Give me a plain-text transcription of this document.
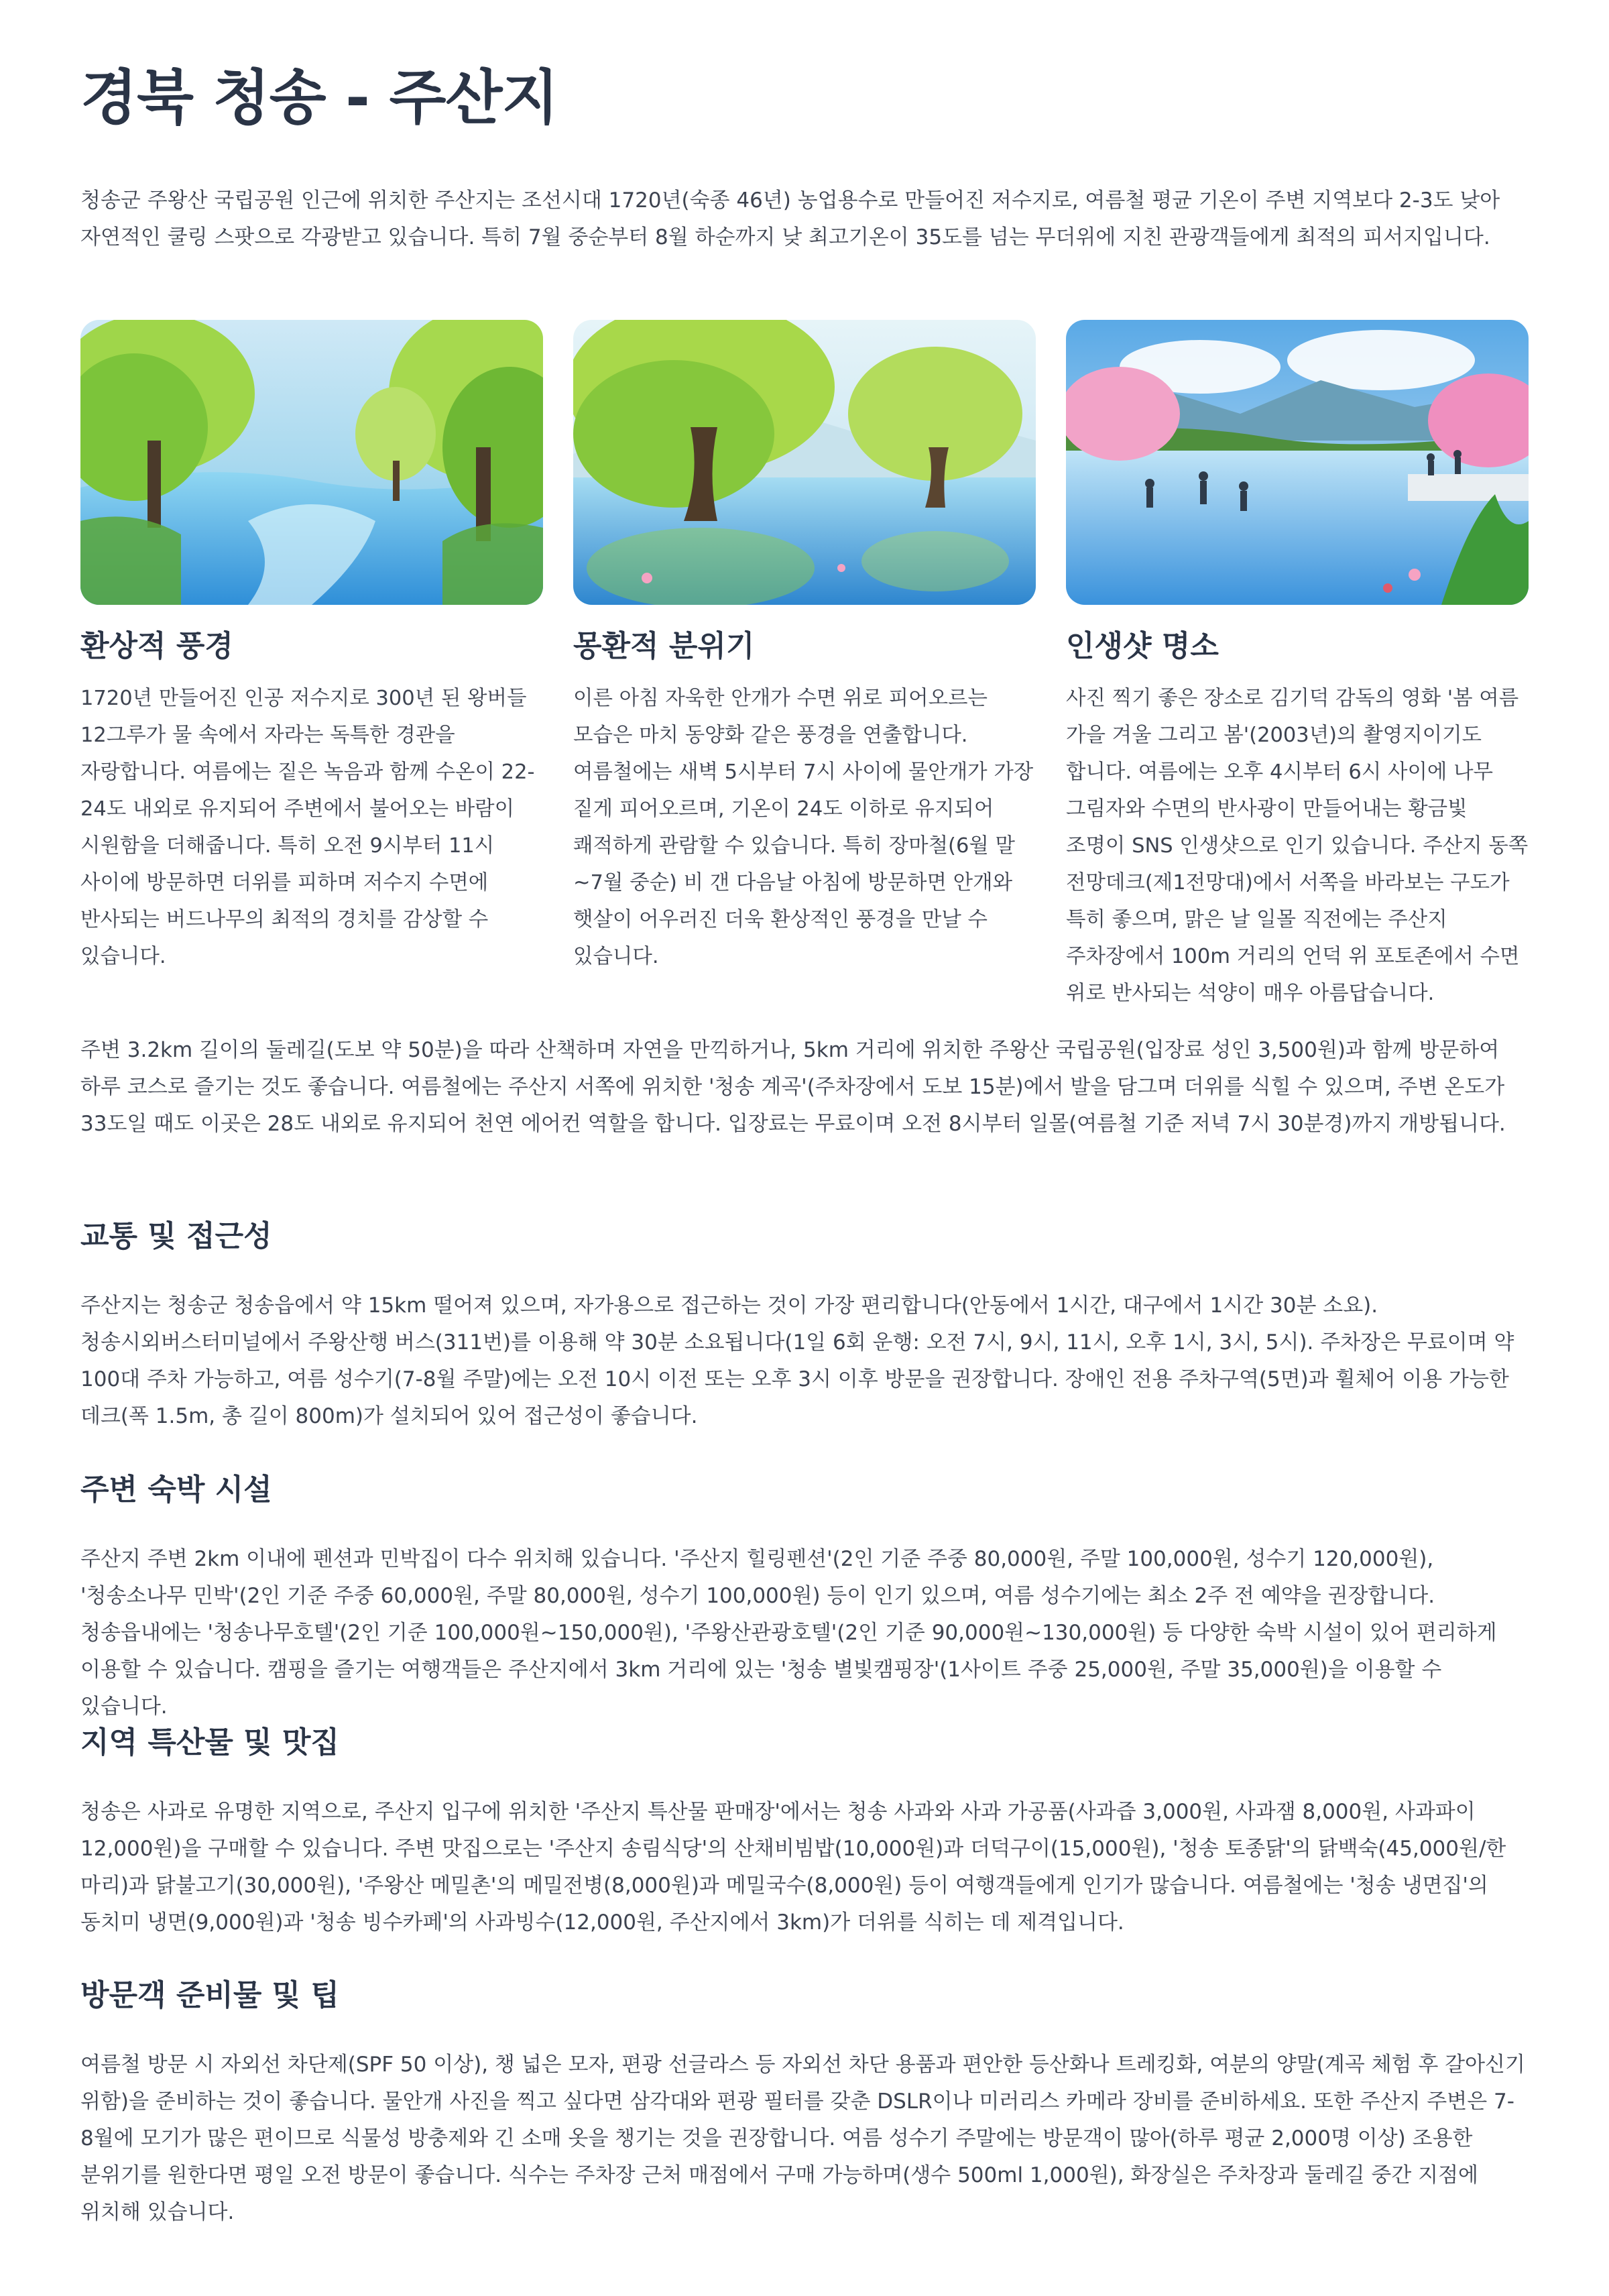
경북 청송 - 주산지

청송군 주왕산 국립공원 인근에 위치한 주산지는 조선시대 1720년(숙종 46년) 농업용수로 만들어진 저수지로, 여름철 평균 기온이 주변 지역보다 2-3도 낮아 자연적인 쿨링 스팟으로 각광받고 있습니다. 특히 7월 중순부터 8월 하순까지 낮 최고기온이 35도를 넘는 무더위에 지친 관광객들에게 최적의 피서지입니다.

환상적 풍경

1720년 만들어진 인공 저수지로 300년 된 왕버들 12그루가 물 속에서 자라는 독특한 경관을 자랑합니다. 여름에는 짙은 녹음과 함께 수온이 22-24도 내외로 유지되어 주변에서 불어오는 바람이 시원함을 더해줍니다. 특히 오전 9시부터 11시 사이에 방문하면 더위를 피하며 저수지 수면에 반사되는 버드나무의 최적의 경치를 감상할 수 있습니다.

몽환적 분위기

이른 아침 자욱한 안개가 수면 위로 피어오르는 모습은 마치 동양화 같은 풍경을 연출합니다. 여름철에는 새벽 5시부터 7시 사이에 물안개가 가장 짙게 피어오르며, 기온이 24도 이하로 유지되어 쾌적하게 관람할 수 있습니다. 특히 장마철(6월 말~7월 중순) 비 갠 다음날 아침에 방문하면 안개와 햇살이 어우러진 더욱 환상적인 풍경을 만날 수 있습니다.

인생샷 명소

사진 찍기 좋은 장소로 김기덕 감독의 영화 '봄 여름 가을 겨울 그리고 봄'(2003년)의 촬영지이기도 합니다. 여름에는 오후 4시부터 6시 사이에 나무 그림자와 수면의 반사광이 만들어내는 황금빛 조명이 SNS 인생샷으로 인기 있습니다. 주산지 동쪽 전망데크(제1전망대)에서 서쪽을 바라보는 구도가 특히 좋으며, 맑은 날 일몰 직전에는 주산지 주차장에서 100m 거리의 언덕 위 포토존에서 수면 위로 반사되는 석양이 매우 아름답습니다.

주변 3.2km 길이의 둘레길(도보 약 50분)을 따라 산책하며 자연을 만끽하거나, 5km 거리에 위치한 주왕산 국립공원(입장료 성인 3,500원)과 함께 방문하여 하루 코스로 즐기는 것도 좋습니다. 여름철에는 주산지 서쪽에 위치한 '청송 계곡'(주차장에서 도보 15분)에서 발을 담그며 더위를 식힐 수 있으며, 주변 온도가 33도일 때도 이곳은 28도 내외로 유지되어 천연 에어컨 역할을 합니다. 입장료는 무료이며 오전 8시부터 일몰(여름철 기준 저녁 7시 30분경)까지 개방됩니다.

교통 및 접근성

주산지는 청송군 청송읍에서 약 15km 떨어져 있으며, 자가용으로 접근하는 것이 가장 편리합니다(안동에서 1시간, 대구에서 1시간 30분 소요). 청송시외버스터미널에서 주왕산행 버스(311번)를 이용해 약 30분 소요됩니다(1일 6회 운행: 오전 7시, 9시, 11시, 오후 1시, 3시, 5시). 주차장은 무료이며 약 100대 주차 가능하고, 여름 성수기(7-8월 주말)에는 오전 10시 이전 또는 오후 3시 이후 방문을 권장합니다. 장애인 전용 주차구역(5면)과 휠체어 이용 가능한 데크(폭 1.5m, 총 길이 800m)가 설치되어 있어 접근성이 좋습니다.

주변 숙박 시설

주산지 주변 2km 이내에 펜션과 민박집이 다수 위치해 있습니다. '주산지 힐링펜션'(2인 기준 주중 80,000원, 주말 100,000원, 성수기 120,000원), '청송소나무 민박'(2인 기준 주중 60,000원, 주말 80,000원, 성수기 100,000원) 등이 인기 있으며, 여름 성수기에는 최소 2주 전 예약을 권장합니다. 청송읍내에는 '청송나무호텔'(2인 기준 100,000원~150,000원), '주왕산관광호텔'(2인 기준 90,000원~130,000원) 등 다양한 숙박 시설이 있어 편리하게 이용할 수 있습니다. 캠핑을 즐기는 여행객들은 주산지에서 3km 거리에 있는 '청송 별빛캠핑장'(1사이트 주중 25,000원, 주말 35,000원)을 이용할 수 있습니다.

지역 특산물 및 맛집

청송은 사과로 유명한 지역으로, 주산지 입구에 위치한 '주산지 특산물 판매장'에서는 청송 사과와 사과 가공품(사과즙 3,000원, 사과잼 8,000원, 사과파이 12,000원)을 구매할 수 있습니다. 주변 맛집으로는 '주산지 송림식당'의 산채비빔밥(10,000원)과 더덕구이(15,000원), '청송 토종닭'의 닭백숙(45,000원/한 마리)과 닭불고기(30,000원), '주왕산 메밀촌'의 메밀전병(8,000원)과 메밀국수(8,000원) 등이 여행객들에게 인기가 많습니다. 여름철에는 '청송 냉면집'의 동치미 냉면(9,000원)과 '청송 빙수카페'의 사과빙수(12,000원, 주산지에서 3km)가 더위를 식히는 데 제격입니다.

방문객 준비물 및 팁

여름철 방문 시 자외선 차단제(SPF 50 이상), 챙 넓은 모자, 편광 선글라스 등 자외선 차단 용품과 편안한 등산화나 트레킹화, 여분의 양말(계곡 체험 후 갈아신기 위함)을 준비하는 것이 좋습니다. 물안개 사진을 찍고 싶다면 삼각대와 편광 필터를 갖춘 DSLR이나 미러리스 카메라 장비를 준비하세요. 또한 주산지 주변은 7-8월에 모기가 많은 편이므로 식물성 방충제와 긴 소매 옷을 챙기는 것을 권장합니다. 여름 성수기 주말에는 방문객이 많아(하루 평균 2,000명 이상) 조용한 분위기를 원한다면 평일 오전 방문이 좋습니다. 식수는 주차장 근처 매점에서 구매 가능하며(생수 500ml 1,000원), 화장실은 주차장과 둘레길 중간 지점에 위치해 있습니다.
